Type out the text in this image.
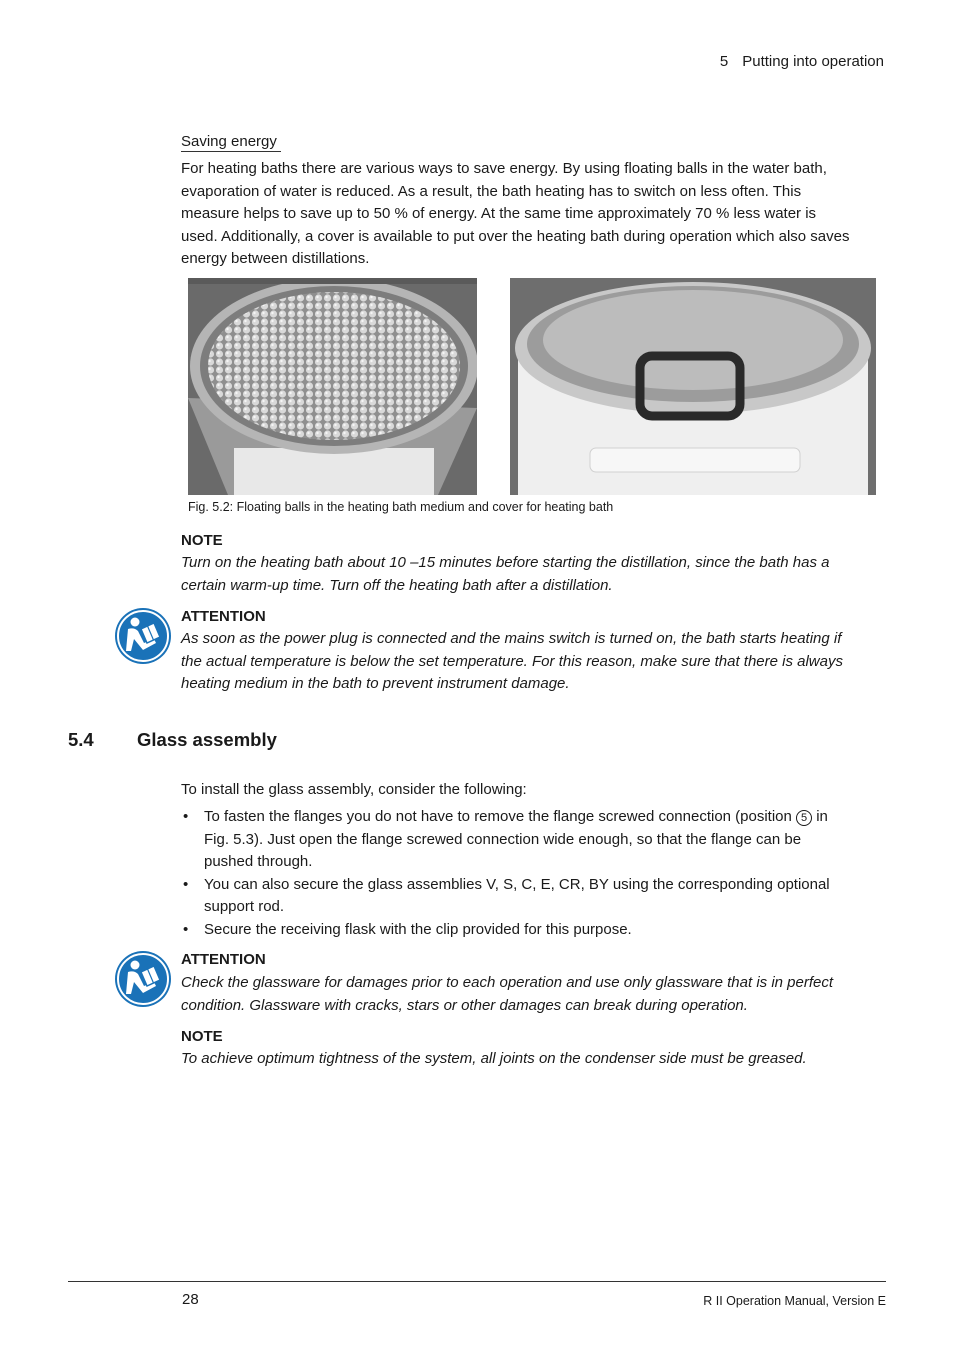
5 Putting into operation
Saving energy

For heating baths there are various ways to save energy. By using floating balls in the water bath,

evaporation of water is reduced. As a result, the bath heating has to switch on less often. This

measure helps to save up to 50 % of energy. At the same time approximately 70 % less water is

used. Additionally, a cover is available to put over the heating bath during operation which also saves

energy between distillations.

Fig. 5.2: Floating balls in the heating bath medium and cover for heating bath
NOTE

Turn on the heating bath about 10 –15 minutes before starting the distillation, since the bath has a

certain warm-up time. Turn off the heating bath after a distillation.

ATTENTION

As soon as the power plug is connected and the mains switch is turned on, the bath starts heating if

the actual temperature is below the set temperature. For this reason, make sure that there is always

heating medium in the bath to prevent instrument damage.

5.4 Glass assembly
To install the glass assembly, consider the following:
• To fasten the flanges you do not have to remove the flange screwed connection (position 5 in
Fig. 5.3). Just open the flange screwed connection wide enough, so that the flange can be
pushed through.
• You can also secure the glass assemblies V, S, C, E, CR, BY using the corresponding optional
support rod.
• Secure the receiving flask with the clip provided for this purpose.
ATTENTION

Check the glassware for damages prior to each operation and use only glassware that is in perfect

condition. Glassware with cracks, stars or other damages can break during operation.

NOTE

To achieve optimum tightness of the system, all joints on the condenser side must be greased.

28	R II Operation Manual, Version E
